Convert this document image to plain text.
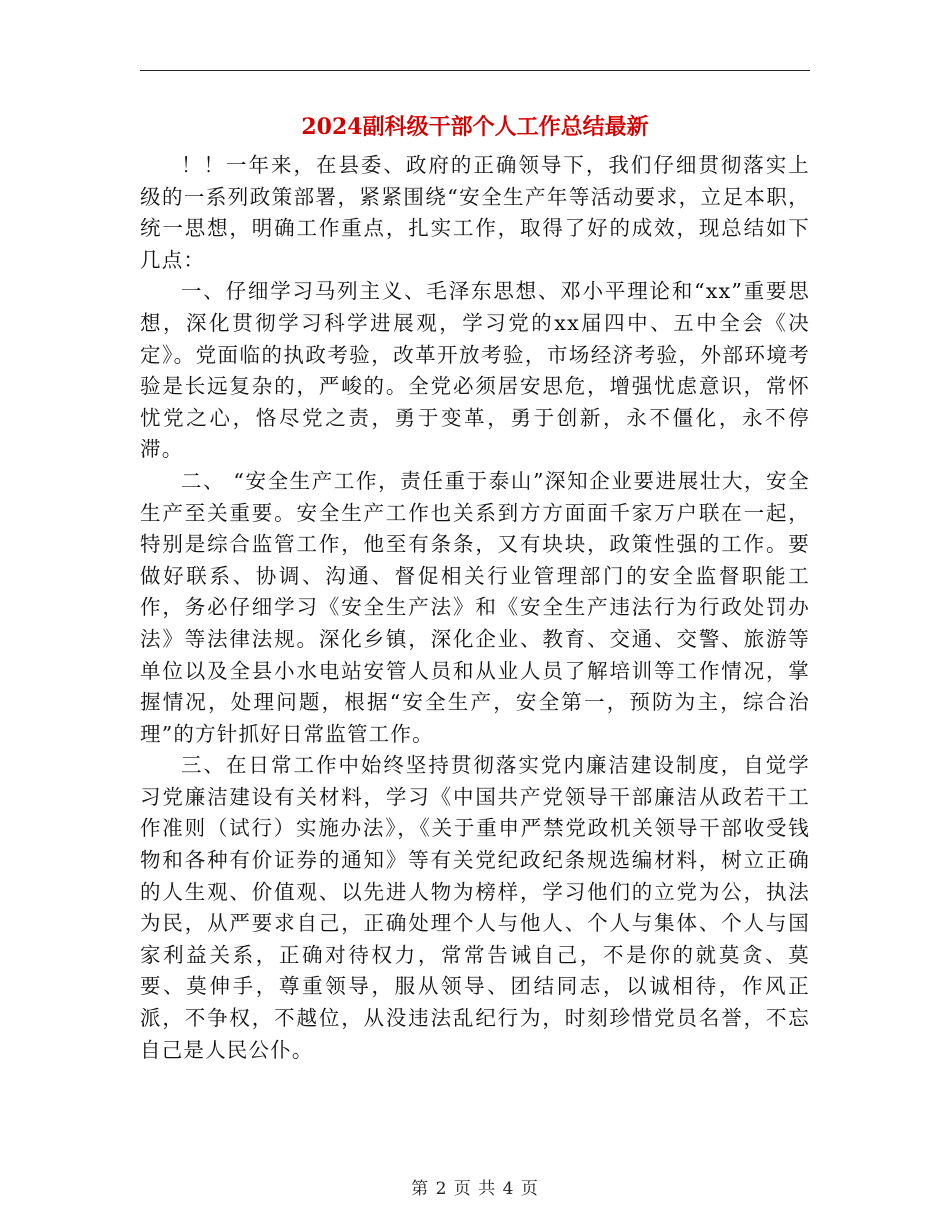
2024副科级干部个人工作总结最新

！！一年来，在县委、政府的正确领导下，我们仔细贯彻落实上级的一系列政策部署，紧紧围绕“安全生产年等活动要求，立足本职，统一思想，明确工作重点，扎实工作，取得了好的成效，现总结如下几点：

一、仔细学习马列主义、毛泽东思想、邓小平理论和“xx”重要思想，深化贯彻学习科学进展观，学习党的xx届四中、五中全会《决定》。党面临的执政考验，改革开放考验，市场经济考验，外部环境考验是长远复杂的，严峻的。全党必须居安思危，增强忧虑意识，常怀忧党之心，恪尽党之责，勇于变革，勇于创新，永不僵化，永不停滞。

二、 “安全生产工作，责任重于泰山”深知企业要进展壮大，安全生产至关重要。安全生产工作也关系到方方面面千家万户联在一起，特别是综合监管工作，他至有条条，又有块块，政策性强的工作。要做好联系、协调、沟通、督促相关行业管理部门的安全监督职能工作，务必仔细学习《安全生产法》和《安全生产违法行为行政处罚办法》等法律法规。深化乡镇，深化企业、教育、交通、交警、旅游等单位以及全县小水电站安管人员和从业人员了解培训等工作情况，掌握情况，处理问题，根据“安全生产，安全第一，预防为主，综合治理”的方针抓好日常监管工作。

三、在日常工作中始终坚持贯彻落实党内廉洁建设制度，自觉学习党廉洁建设有关材料，学习《中国共产党领导干部廉洁从政若干工作准则（试行）实施办法》，《关于重申严禁党政机关领导干部收受钱物和各种有价证券的通知》等有关党纪政纪条规选编材料，树立正确的人生观、价值观、以先进人物为榜样，学习他们的立党为公，执法为民，从严要求自己，正确处理个人与他人、个人与集体、个人与国家利益关系，正确对待权力，常常告诫自己，不是你的就莫贪、莫要、莫伸手，尊重领导，服从领导、团结同志，以诚相待，作风正派，不争权，不越位，从没违法乱纪行为，时刻珍惜党员名誉，不忘自己是人民公仆。

第 2 页 共 4 页
